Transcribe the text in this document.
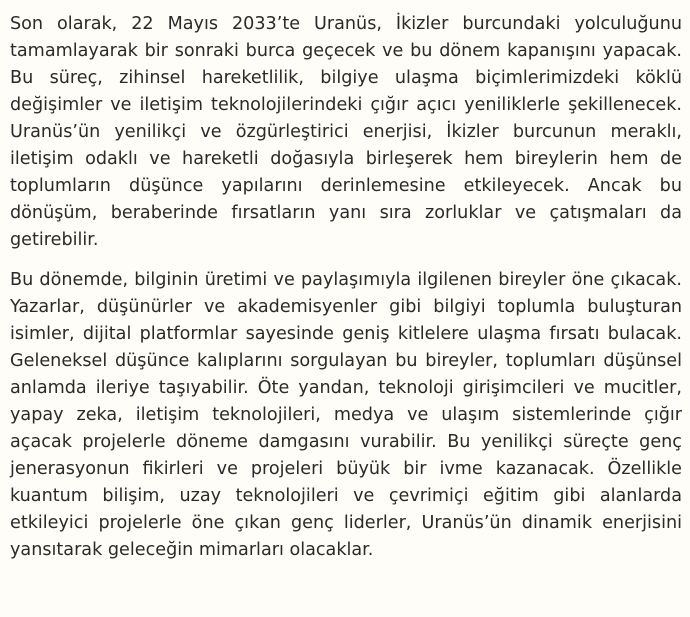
Son olarak, 22 Mayıs 2033’te Uranüs, İkizler burcundaki yolculuğunu tamamlayarak bir sonraki burca geçecek ve bu dönem kapanışını yapacak. Bu süreç, zihinsel hareketlilik, bilgiye ulaşma biçimlerimizdeki köklü değişimler ve iletişim teknolojilerindeki çığır açıcı yeniliklerle şekillenecek. Uranüs’ün yenilikçi ve özgürleştirici enerjisi, İkizler burcunun meraklı, iletişim odaklı ve hareketli doğasıyla birleşerek hem bireylerin hem de toplumların düşünce yapılarını derinlemesine etkileyecek. Ancak bu dönüşüm, beraberinde fırsatların yanı sıra zorluklar ve çatışmaları da getirebilir.

Bu dönemde, bilginin üretimi ve paylaşımıyla ilgilenen bireyler öne çıkacak. Yazarlar, düşünürler ve akademisyenler gibi bilgiyi toplumla buluşturan isimler, dijital platformlar sayesinde geniş kitlelere ulaşma fırsatı bulacak. Geleneksel düşünce kalıplarını sorgulayan bu bireyler, toplumları düşünsel anlamda ileriye taşıyabilir. Öte yandan, teknoloji girişimcileri ve mucitler, yapay zeka, iletişim teknolojileri, medya ve ulaşım sistemlerinde çığır açacak projelerle döneme damgasını vurabilir. Bu yenilikçi süreçte genç jenerasyonun fikirleri ve projeleri büyük bir ivme kazanacak. Özellikle kuantum bilişim, uzay teknolojileri ve çevrimiçi eğitim gibi alanlarda etkileyici projelerle öne çıkan genç liderler, Uranüs’ün dinamik enerjisini yansıtarak geleceğin mimarları olacaklar.
